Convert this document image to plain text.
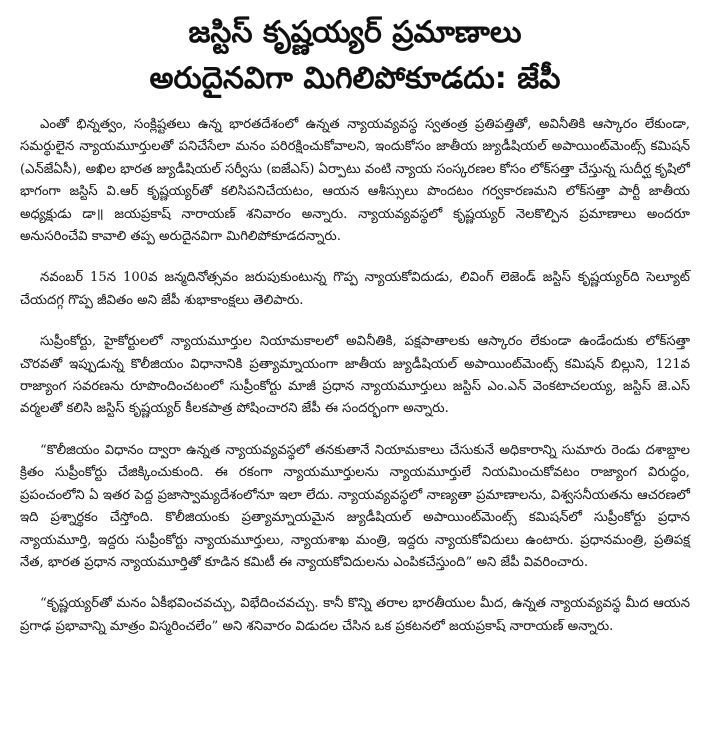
జస్టిస్ కృష్ణయ్యర్ ప్రమాణాలు
అరుదైనవిగా మిగిలిపోకూడదు: జేపీ

ఎంతో భిన్నత్వం, సంక్లిష్టతలు ఉన్న భారతదేశంలో ఉన్నత న్యాయవ్యవస్థ స్వతంత్ర ప్రతిపత్తితో, అవినీతికి ఆస్కారం లేకుండా, సమర్థులైన న్యాయమూర్తులతో పనిచేసేలా మనం పరిరక్షించుకోవాలని, ఇందుకోసం జాతీయ జ్యుడీషియల్ అపాయింట్‌మెంట్స్ కమిషన్ (ఎన్‌జేఏసీ), అఖిల భారత జ్యుడీషియల్ సర్వీసు (ఐజేఎస్) ఏర్పాటు వంటి న్యాయ సంస్కరణల కోసం లోక్‌సత్తా చేస్తున్న సుదీర్ఘ కృషిలో భాగంగా జస్టిస్ వి.ఆర్ కృష్ణయ్యర్‌తో కలిసిపనిచేయటం, ఆయన ఆశీస్సులు పొందటం గర్వకారణమని లోక్‌సత్తా పార్టీ జాతీయ అధ్యక్షుడు డా॥ జయప్రకాష్ నారాయణ్ శనివారం అన్నారు. న్యాయవ్యవస్థలో కృష్ణయ్యర్ నెలకొల్పిన ప్రమాణాలు అందరూ అనుసరించేవి కావాలి తప్ప అరుదైనవిగా మిగిలిపోకూడదన్నారు.

నవంబర్ 15న 100వ జన్మదినోత్సవం జరుపుకుంటున్న గొప్ప న్యాయకోవిదుడు, లివింగ్ లెజెండ్ జస్టిస్ కృష్ణయ్యర్‌ది సెల్యూట్ చేయదగ్గ గొప్ప జీవితం అని జేపీ శుభాకాంక్షలు తెలిపారు.

సుప్రీంకోర్టు, హైకోర్టులలో న్యాయమూర్తుల నియామకాలలో అవినీతికి, పక్షపాతాలకు ఆస్కారం లేకుండా ఉండేందుకు లోక్‌సత్తా చొరవతో ఇప్పుడున్న కొలీజియం విధానానికి ప్రత్యామ్నాయంగా జాతీయ జ్యుడీషియల్ అపాయింట్‌మెంట్స్ కమిషన్ బిల్లుని, 121వ రాజ్యాంగ సవరణను రూపొందించటంలో సుప్రీంకోర్టు మాజీ ప్రధాన న్యాయమూర్తులు జస్టిస్ ఎం.ఎన్ వెంకటాచలయ్య, జస్టిస్ జె.ఎస్ వర్మలతో కలిసి జస్టిస్ కృష్ణయ్యర్ కీలకపాత్ర పోషించారని జేపీ ఈ సందర్భంగా అన్నారు.

“కొలీజియం విధానం ద్వారా ఉన్నత న్యాయవ్యవస్థలో తనకుతానే నియామకాలు చేసుకునే అధికారాన్ని సుమారు రెండు దశాబ్దాల క్రితం సుప్రీంకోర్టు చేజిక్కించుకుంది. ఈ రకంగా న్యాయమూర్తులను న్యాయమూర్తులే నియమించుకోవటం రాజ్యాంగ విరుద్ధం, ప్రపంచంలోని ఏ ఇతర పెద్ద ప్రజాస్వామ్యదేశంలోనూ ఇలా లేదు. న్యాయవ్యవస్థలో నాణ్యతా ప్రమాణాలను, విశ్వసనీయతను ఆచరణలో ఇది ప్రశ్నార్థకం చేస్తోంది. కొలీజియంకు ప్రత్యామ్నాయమైన జ్యుడీషియల్ అపాయింట్‌మెంట్స్ కమిషన్‌లో సుప్రీంకోర్టు ప్రధాన న్యాయమూర్తి, ఇద్దరు సుప్రీంకోర్టు న్యాయమూర్తులు, న్యాయశాఖ మంత్రి, ఇద్దరు న్యాయకోవిదులు ఉంటారు. ప్రధానమంత్రి, ప్రతిపక్ష నేత, భారత ప్రధాన న్యాయమూర్తితో కూడిన కమిటీ ఈ న్యాయకోవిదులను ఎంపికచేస్తుంది” అని జేపీ వివరించారు.

“కృష్ణయ్యర్‌తో మనం ఏకీభవించవచ్చు, విభేదించవచ్చు. కానీ కొన్ని తరాల భారతీయుల మీద, ఉన్నత న్యాయవ్యవస్థ మీద ఆయన ప్రగాఢ ప్రభావాన్ని మాత్రం విస్మరించలేం” అని శనివారం విడుదల చేసిన ఒక ప్రకటనలో జయప్రకాష్ నారాయణ్ అన్నారు.
